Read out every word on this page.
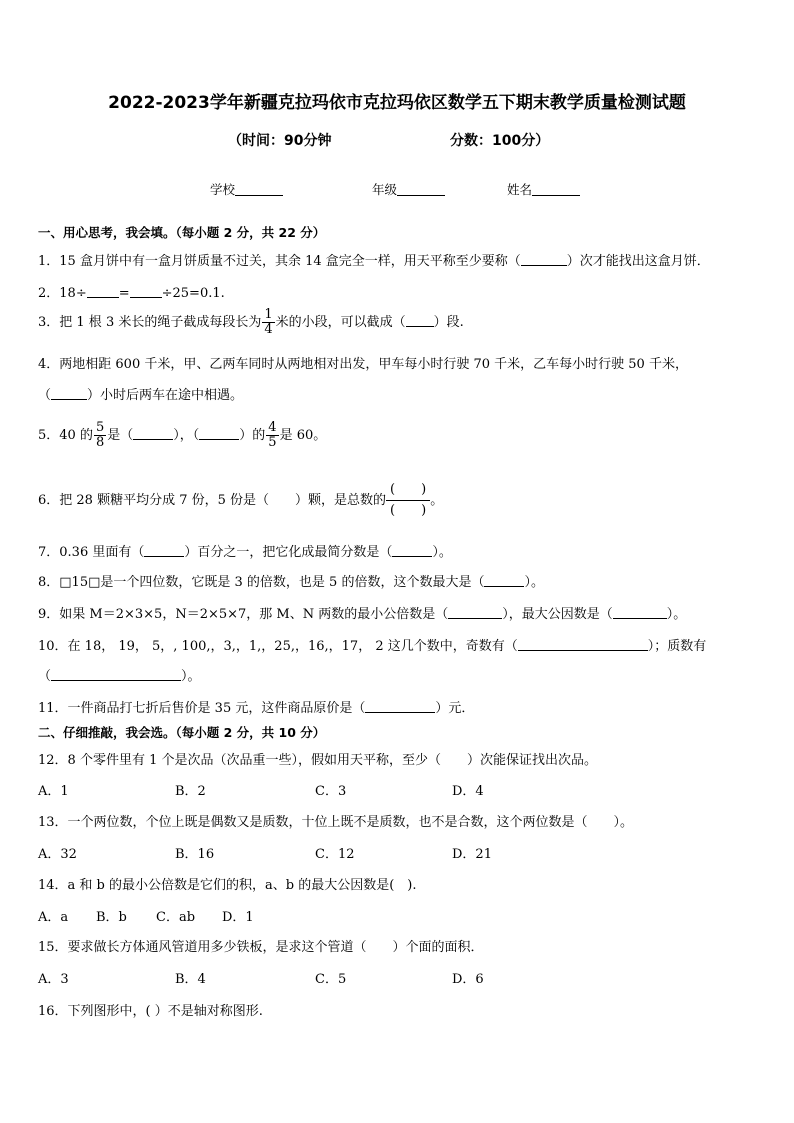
2022-2023学年新疆克拉玛依市克拉玛依区数学五下期末教学质量检测试题
（时间：90分钟	分数：100分）
学校	年级	姓名
一、用心思考，我会填。（每小题 2 分，共 22 分）
1．15 盒月饼中有一盒月饼质量不过关，其余 14 盒完全一样，用天平称至少要称（	）次才能找出这盒月饼．
2．18÷ = ÷25=0.1.
3．把 1 根 3 米长的绳子截成每段长为 $\frac{1}{4}$ 米的小段，可以截成（ ）段.
4．两地相距 600 千米，甲、乙两车同时从两地相对出发，甲车每小时行驶 70 千米，乙车每小时行驶 50 千米，
（	）小时后两车在途中相遇。
5．40 的 $\frac{5}{8}$ 是（	），（	）的 $\frac{4}{5}$ 是 60。
6．把 28 颗糖平均分成 7 份，5 份是（　　）颗，是总数的 $\frac{( )}{( )}$ 。
7．0.36 里面有（	）百分之一，把它化成最简分数是（	）。
8．□15□是一个四位数，它既是 3 的倍数，也是 5 的倍数，这个数最大是（	）。
9．如果 M＝2×3×5，N＝2×5×7，那 M、N 两数的最小公倍数是（	），最大公因数是（	）。
10．在 18， 19， 5，, 100,，3,，1,，25,，16,，17， 2 这几个数中，奇数有（	）；质数有
（	）。
11．一件商品打七折后售价是 35 元，这件商品原价是（	）元．
二、仔细推敲，我会选。（每小题 2 分，共 10 分）
12．8 个零件里有 1 个是次品（次品重一些），假如用天平称，至少（　　）次能保证找出次品。
A．1	B．2	C．3	D．4
13．一个两位数，个位上既是偶数又是质数，十位上既不是质数，也不是合数，这个两位数是（　　）。
A．32	B．16	C．12	D．21
14．a 和 b 的最小公倍数是它们的积，a、b 的最大公因数是(　).
A．a B．b C．ab D．1
15．要求做长方体通风管道用多少铁板，是求这个管道（　　）个面的面积．
A．3	B．4	C．5	D．6
16．下列图形中，( ）不是轴对称图形.
